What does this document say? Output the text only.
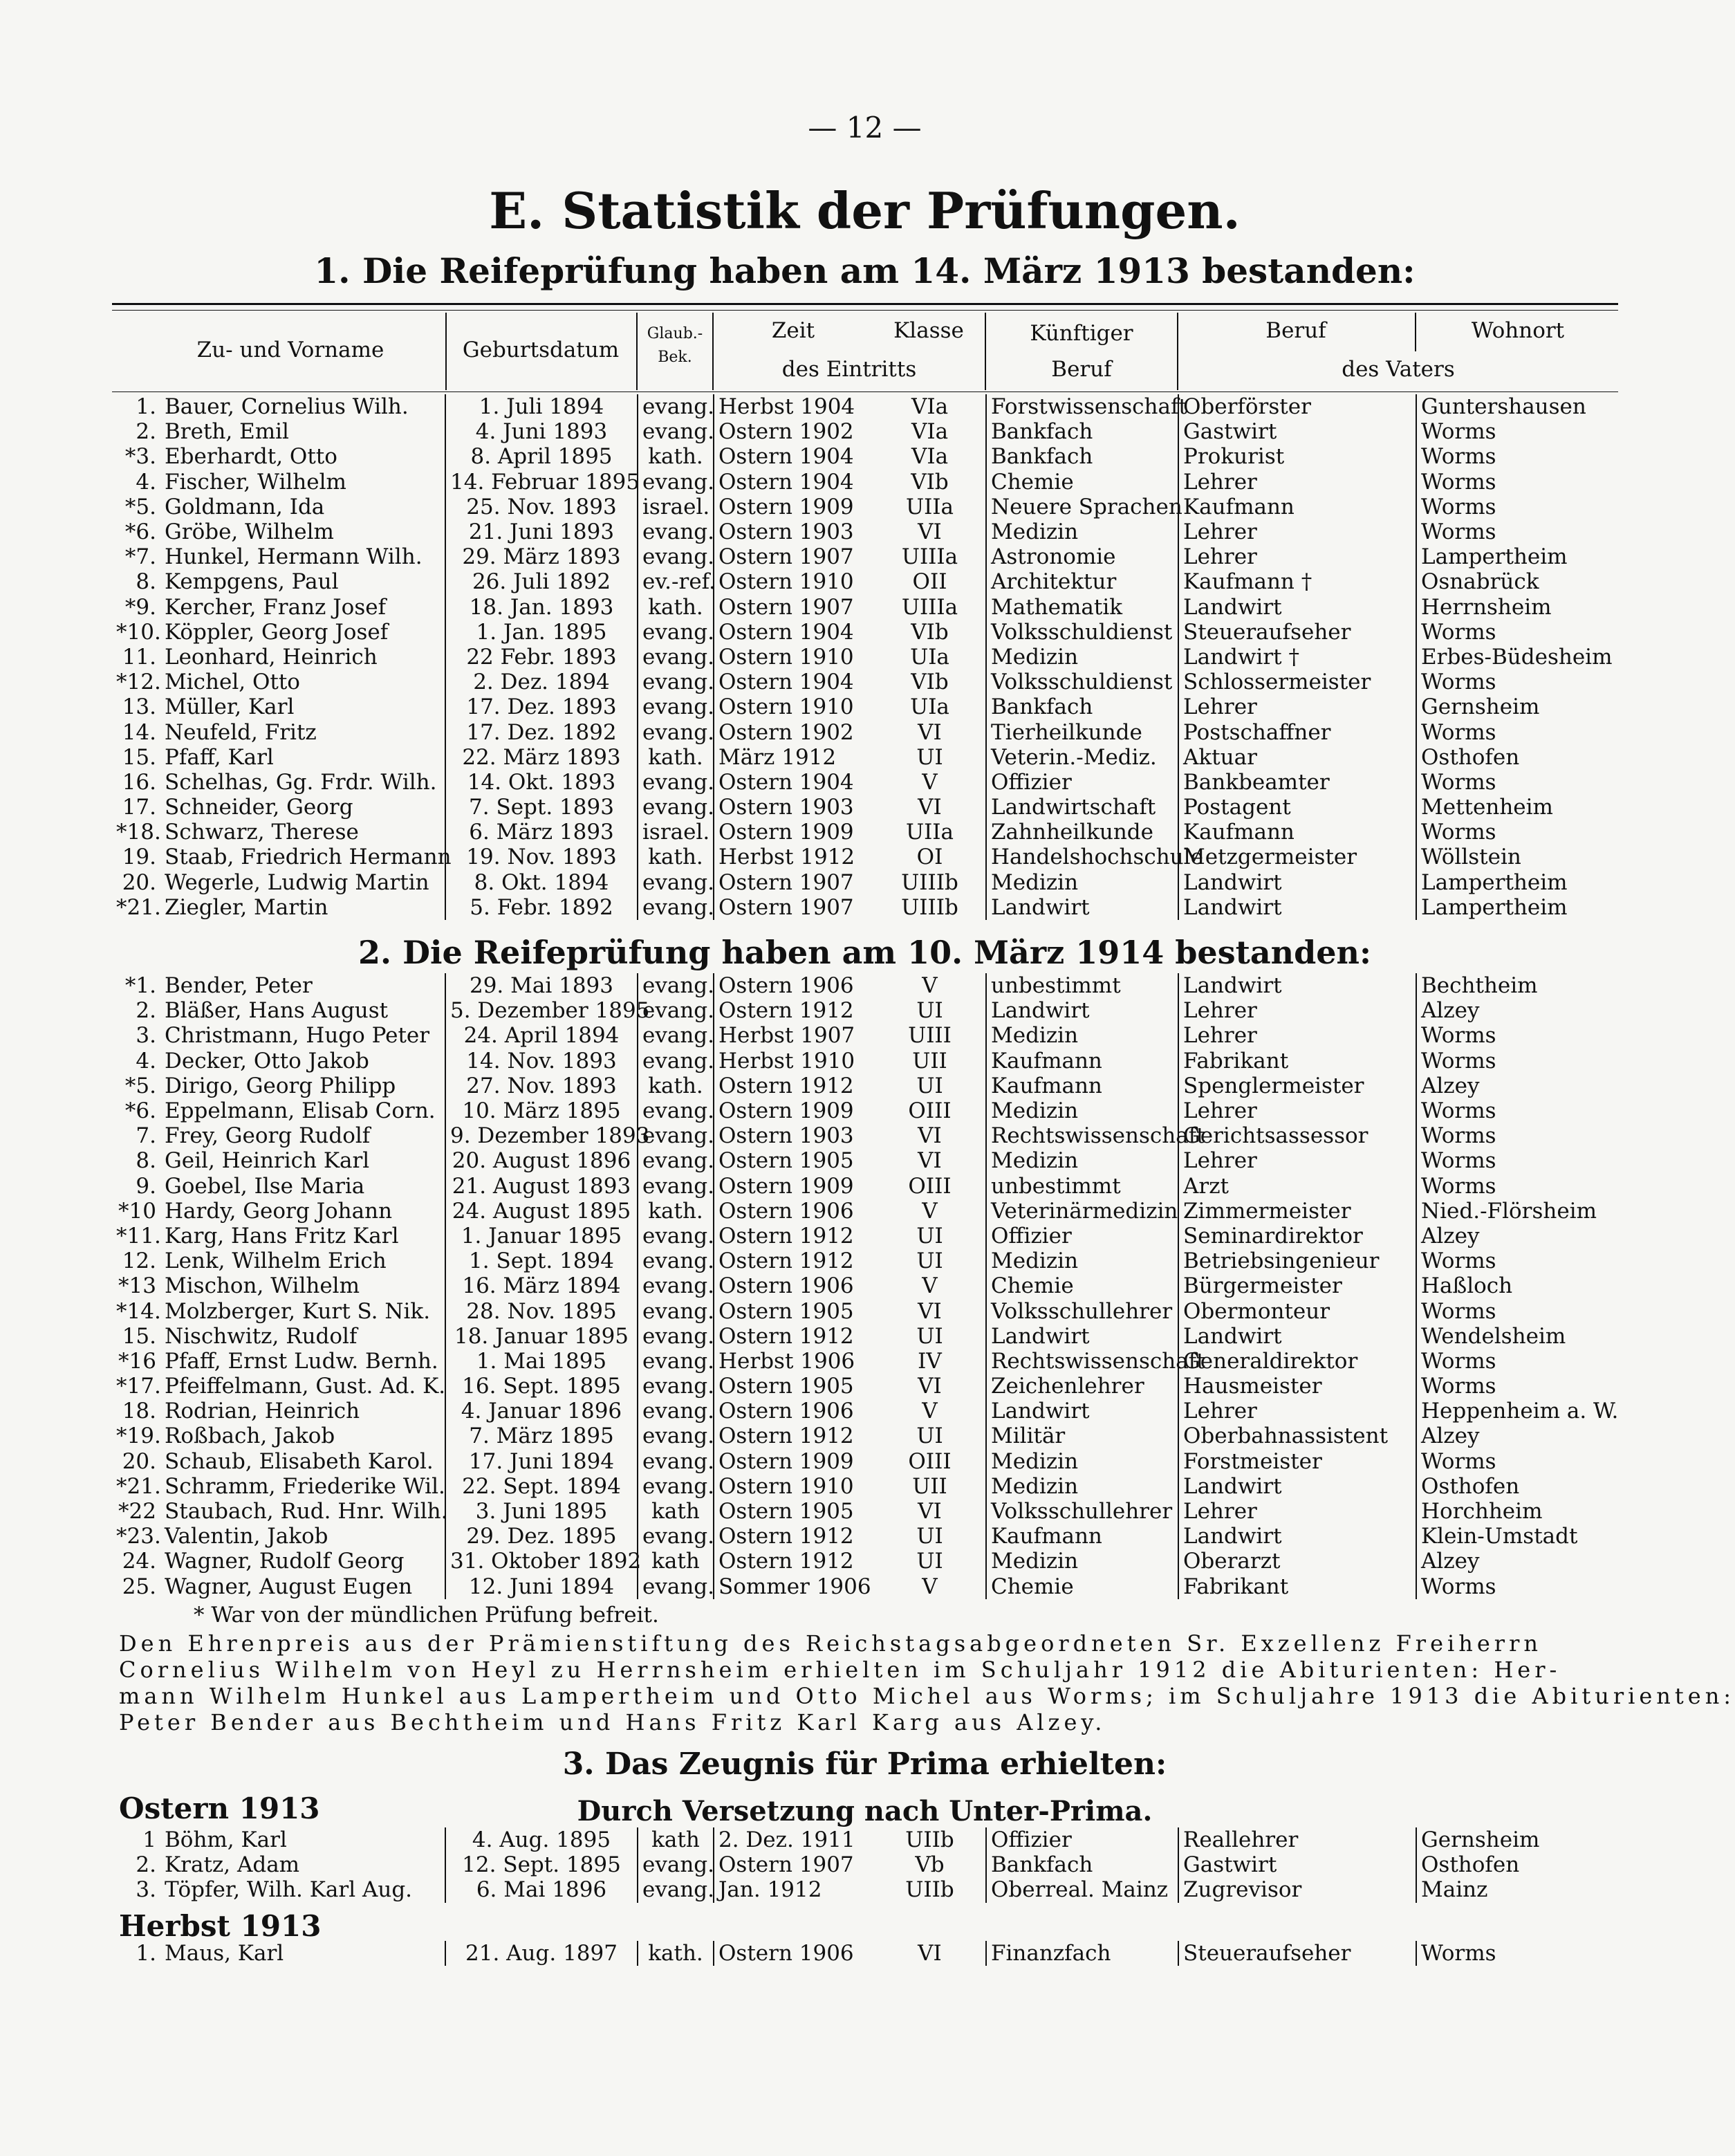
— 12 —
E. Statistik der Prüfungen.
1. Die Reifeprüfung haben am 14. März 1913 bestanden:
Zu- und Vorname	Geburtsdatum
Glaub.-
Bek.
Zeit	Klasse
des Eintritts
Künftiger
Beruf
Beruf	Wohnort
des Vaters
1.	Bauer, Cornelius Wilh.	1. Juli 1894	evang.	Herbst 1904	VIa	Forstwissenschaft	Oberförster	Guntershausen
2.	Breth, Emil	4. Juni 1893	evang.	Ostern 1902	VIa	Bankfach	Gastwirt	Worms
*3.	Eberhardt, Otto	8. April 1895	kath.	Ostern 1904	VIa	Bankfach	Prokurist	Worms
4.	Fischer, Wilhelm	14. Februar 1895	evang.	Ostern 1904	VIb	Chemie	Lehrer	Worms
*5.	Goldmann, Ida	25. Nov. 1893	israel.	Ostern 1909	UIIa	Neuere Sprachen	Kaufmann	Worms
*6.	Gröbe, Wilhelm	21. Juni 1893	evang.	Ostern 1903	VI	Medizin	Lehrer	Worms
*7.	Hunkel, Hermann Wilh.	29. März 1893	evang.	Ostern 1907	UIIIa	Astronomie	Lehrer	Lampertheim
8.	Kempgens, Paul	26. Juli 1892	ev.-ref.	Ostern 1910	OII	Architektur	Kaufmann †	Osnabrück
*9.	Kercher, Franz Josef	18. Jan. 1893	kath.	Ostern 1907	UIIIa	Mathematik	Landwirt	Herrnsheim
*10.	Köppler, Georg Josef	1. Jan. 1895	evang.	Ostern 1904	VIb	Volksschuldienst	Steueraufseher	Worms
11.	Leonhard, Heinrich	22 Febr. 1893	evang.	Ostern 1910	UIa	Medizin	Landwirt †	Erbes-Büdesheim
*12.	Michel, Otto	2. Dez. 1894	evang.	Ostern 1904	VIb	Volksschuldienst	Schlossermeister	Worms
13.	Müller, Karl	17. Dez. 1893	evang.	Ostern 1910	UIa	Bankfach	Lehrer	Gernsheim
14.	Neufeld, Fritz	17. Dez. 1892	evang.	Ostern 1902	VI	Tierheilkunde	Postschaffner	Worms
15.	Pfaff, Karl	22. März 1893	kath.	März 1912	UI	Veterin.-Mediz.	Aktuar	Osthofen
16.	Schelhas, Gg. Frdr. Wilh.	14. Okt. 1893	evang.	Ostern 1904	V	Offizier	Bankbeamter	Worms
17.	Schneider, Georg	7. Sept. 1893	evang.	Ostern 1903	VI	Landwirtschaft	Postagent	Mettenheim
*18.	Schwarz, Therese	6. März 1893	israel.	Ostern 1909	UIIa	Zahnheilkunde	Kaufmann	Worms
19.	Staab, Friedrich Hermann	19. Nov. 1893	kath.	Herbst 1912	OI	Handelshochschule	Metzgermeister	Wöllstein
20.	Wegerle, Ludwig Martin	8. Okt. 1894	evang.	Ostern 1907	UIIIb	Medizin	Landwirt	Lampertheim
*21.	Ziegler, Martin	5. Febr. 1892	evang.	Ostern 1907	UIIIb	Landwirt	Landwirt	Lampertheim
2. Die Reifeprüfung haben am 10. März 1914 bestanden:
*1.	Bender, Peter	29. Mai 1893	evang.	Ostern 1906	V	unbestimmt	Landwirt	Bechtheim
2.	Bläßer, Hans August	5. Dezember 1895	evang.	Ostern 1912	UI	Landwirt	Lehrer	Alzey
3.	Christmann, Hugo Peter	24. April 1894	evang.	Herbst 1907	UIII	Medizin	Lehrer	Worms
4.	Decker, Otto Jakob	14. Nov. 1893	evang.	Herbst 1910	UII	Kaufmann	Fabrikant	Worms
*5.	Dirigo, Georg Philipp	27. Nov. 1893	kath.	Ostern 1912	UI	Kaufmann	Spenglermeister	Alzey
*6.	Eppelmann, Elisab Corn.	10. März 1895	evang.	Ostern 1909	OIII	Medizin	Lehrer	Worms
7.	Frey, Georg Rudolf	9. Dezember 1893	evang.	Ostern 1903	VI	Rechtswissenschaft	Gerichtsassessor	Worms
8.	Geil, Heinrich Karl	20. August 1896	evang.	Ostern 1905	VI	Medizin	Lehrer	Worms
9.	Goebel, Ilse Maria	21. August 1893	evang.	Ostern 1909	OIII	unbestimmt	Arzt	Worms
*10	Hardy, Georg Johann	24. August 1895	kath.	Ostern 1906	V	Veterinärmedizin	Zimmermeister	Nied.-Flörsheim
*11.	Karg, Hans Fritz Karl	1. Januar 1895	evang.	Ostern 1912	UI	Offizier	Seminardirektor	Alzey
12.	Lenk, Wilhelm Erich	1. Sept. 1894	evang.	Ostern 1912	UI	Medizin	Betriebsingenieur	Worms
*13	Mischon, Wilhelm	16. März 1894	evang.	Ostern 1906	V	Chemie	Bürgermeister	Haßloch
*14.	Molzberger, Kurt S. Nik.	28. Nov. 1895	evang.	Ostern 1905	VI	Volksschullehrer	Obermonteur	Worms
15.	Nischwitz, Rudolf	18. Januar 1895	evang.	Ostern 1912	UI	Landwirt	Landwirt	Wendelsheim
*16	Pfaff, Ernst Ludw. Bernh.	1. Mai 1895	evang.	Herbst 1906	IV	Rechtswissenschaft	Generaldirektor	Worms
*17.	Pfeiffelmann, Gust. Ad. K.	16. Sept. 1895	evang.	Ostern 1905	VI	Zeichenlehrer	Hausmeister	Worms
18.	Rodrian, Heinrich	4. Januar 1896	evang.	Ostern 1906	V	Landwirt	Lehrer	Heppenheim a. W.
*19.	Roßbach, Jakob	7. März 1895	evang.	Ostern 1912	UI	Militär	Oberbahnassistent	Alzey
20.	Schaub, Elisabeth Karol.	17. Juni 1894	evang.	Ostern 1909	OIII	Medizin	Forstmeister	Worms
*21.	Schramm, Friederike Wil.	22. Sept. 1894	evang.	Ostern 1910	UII	Medizin	Landwirt	Osthofen
*22	Staubach, Rud. Hnr. Wilh.	3. Juni 1895	kath	Ostern 1905	VI	Volksschullehrer	Lehrer	Horchheim
*23.	Valentin, Jakob	29. Dez. 1895	evang.	Ostern 1912	UI	Kaufmann	Landwirt	Klein-Umstadt
24.	Wagner, Rudolf Georg	31. Oktober 1892	kath	Ostern 1912	UI	Medizin	Oberarzt	Alzey
25.	Wagner, August Eugen	12. Juni 1894	evang.	Sommer 1906	V	Chemie	Fabrikant	Worms
* War von der mündlichen Prüfung befreit.
Den Ehrenpreis aus der Prämienstiftung des Reichstagsabgeordneten Sr. Exzellenz Freiherrn
Cornelius Wilhelm von Heyl zu Herrnsheim erhielten im Schuljahr 1912 die Abiturienten: Her-
mann Wilhelm Hunkel aus Lampertheim und Otto Michel aus Worms; im Schuljahre 1913 die Abiturienten:
Peter Bender aus Bechtheim und Hans Fritz Karl Karg aus Alzey.
3. Das Zeugnis für Prima erhielten:
Ostern 1913	Durch Versetzung nach Unter-Prima.
1	Böhm, Karl	4. Aug. 1895	kath	2. Dez. 1911	UIIb	Offizier	Reallehrer	Gernsheim
2.	Kratz, Adam	12. Sept. 1895	evang.	Ostern 1907	Vb	Bankfach	Gastwirt	Osthofen
3.	Töpfer, Wilh. Karl Aug.	6. Mai 1896	evang.	Jan. 1912	UIIb	Oberreal. Mainz	Zugrevisor	Mainz
Herbst 1913
1.	Maus, Karl	21. Aug. 1897	kath.	Ostern 1906	VI	Finanzfach	Steueraufseher	Worms
